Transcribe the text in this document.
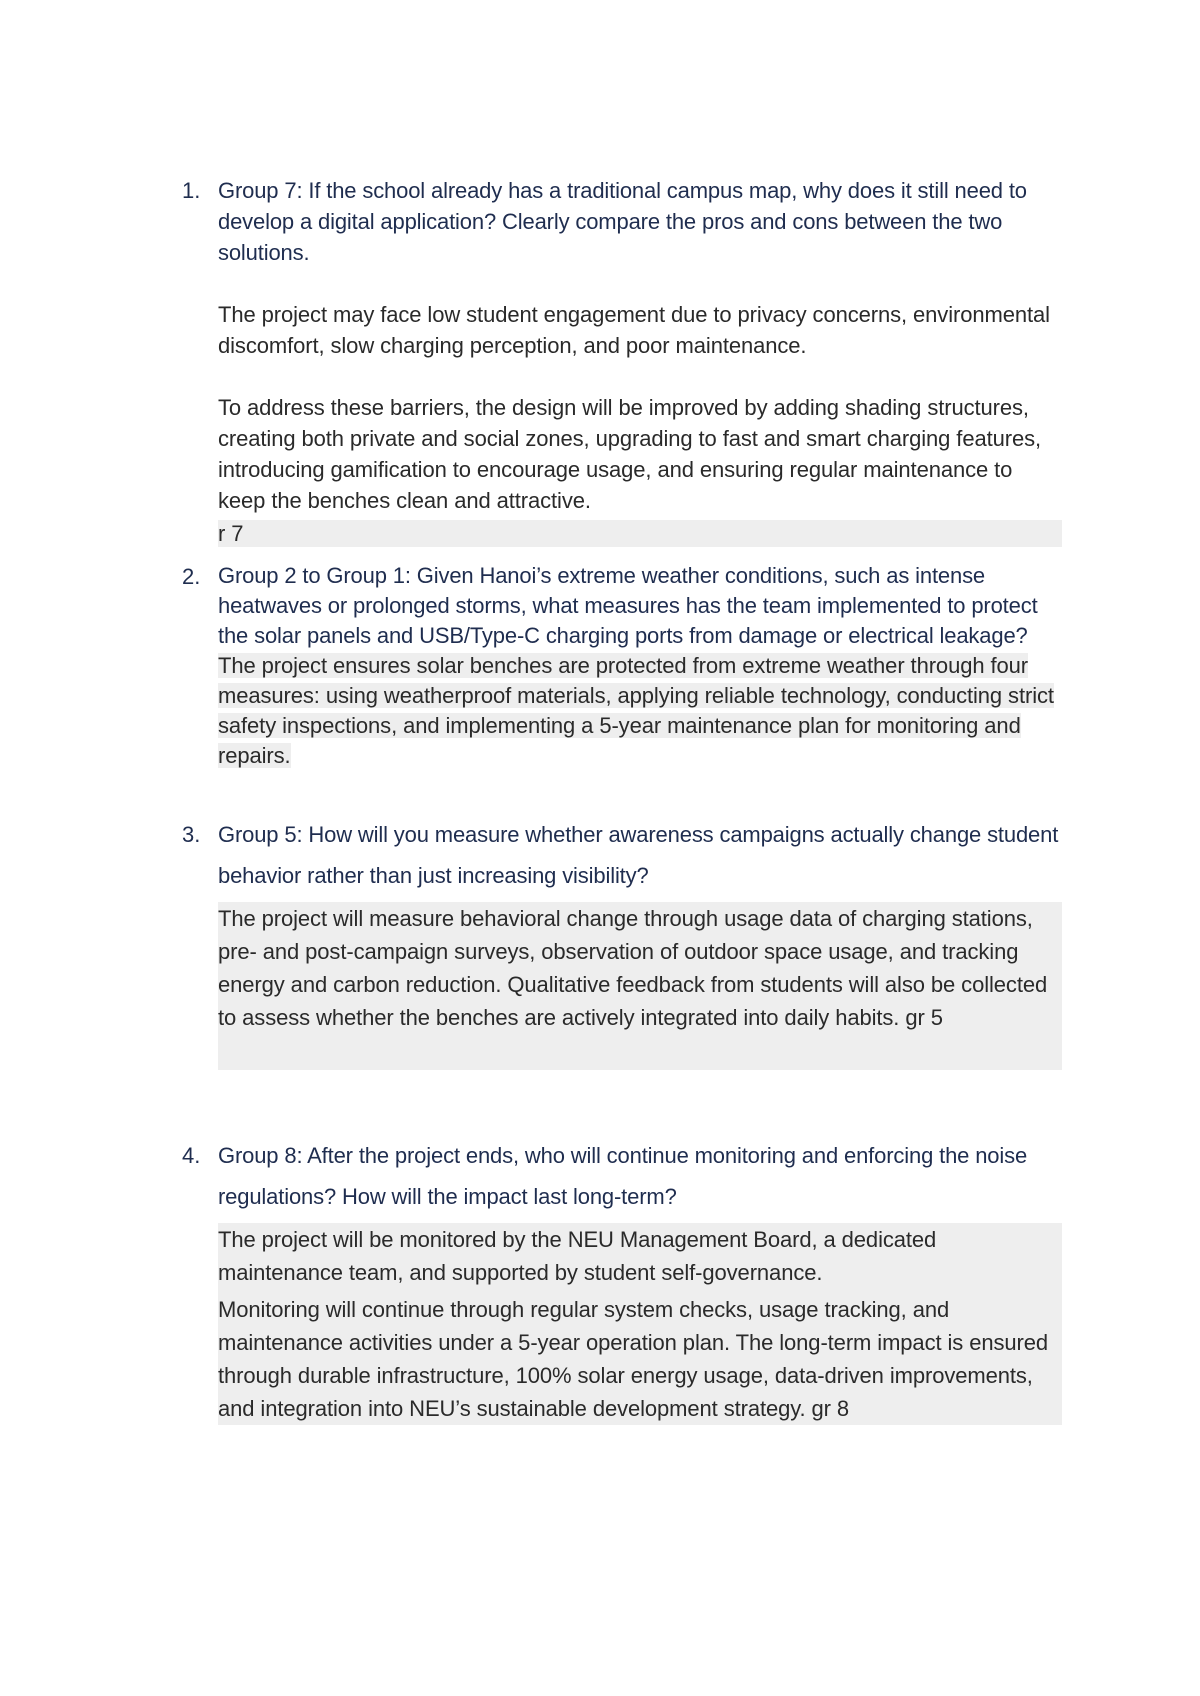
1. Group 7: If the school already has a traditional campus map, why does it still need to develop a digital application? Clearly compare the pros and cons between the two solutions.
The project may face low student engagement due to privacy concerns, environmental discomfort, slow charging perception, and poor maintenance.
To address these barriers, the design will be improved by adding shading structures, creating both private and social zones, upgrading to fast and smart charging features, introducing gamification to encourage usage, and ensuring regular maintenance to keep the benches clean and attractive.
r 7
2. Group 2 to Group 1: Given Hanoi’s extreme weather conditions, such as intense heatwaves or prolonged storms, what measures has the team implemented to protect the solar panels and USB/Type-C charging ports from damage or electrical leakage?
The project ensures solar benches are protected from extreme weather through four measures: using weatherproof materials, applying reliable technology, conducting strict safety inspections, and implementing a 5-year maintenance plan for monitoring and repairs.
3. Group 5: How will you measure whether awareness campaigns actually change student behavior rather than just increasing visibility?
The project will measure behavioral change through usage data of charging stations, pre- and post-campaign surveys, observation of outdoor space usage, and tracking energy and carbon reduction. Qualitative feedback from students will also be collected to assess whether the benches are actively integrated into daily habits. gr 5
4. Group 8: After the project ends, who will continue monitoring and enforcing the noise regulations? How will the impact last long-term?
The project will be monitored by the NEU Management Board, a dedicated maintenance team, and supported by student self-governance.
Monitoring will continue through regular system checks, usage tracking, and maintenance activities under a 5-year operation plan. The long-term impact is ensured through durable infrastructure, 100% solar energy usage, data-driven improvements, and integration into NEU’s sustainable development strategy. gr 8
